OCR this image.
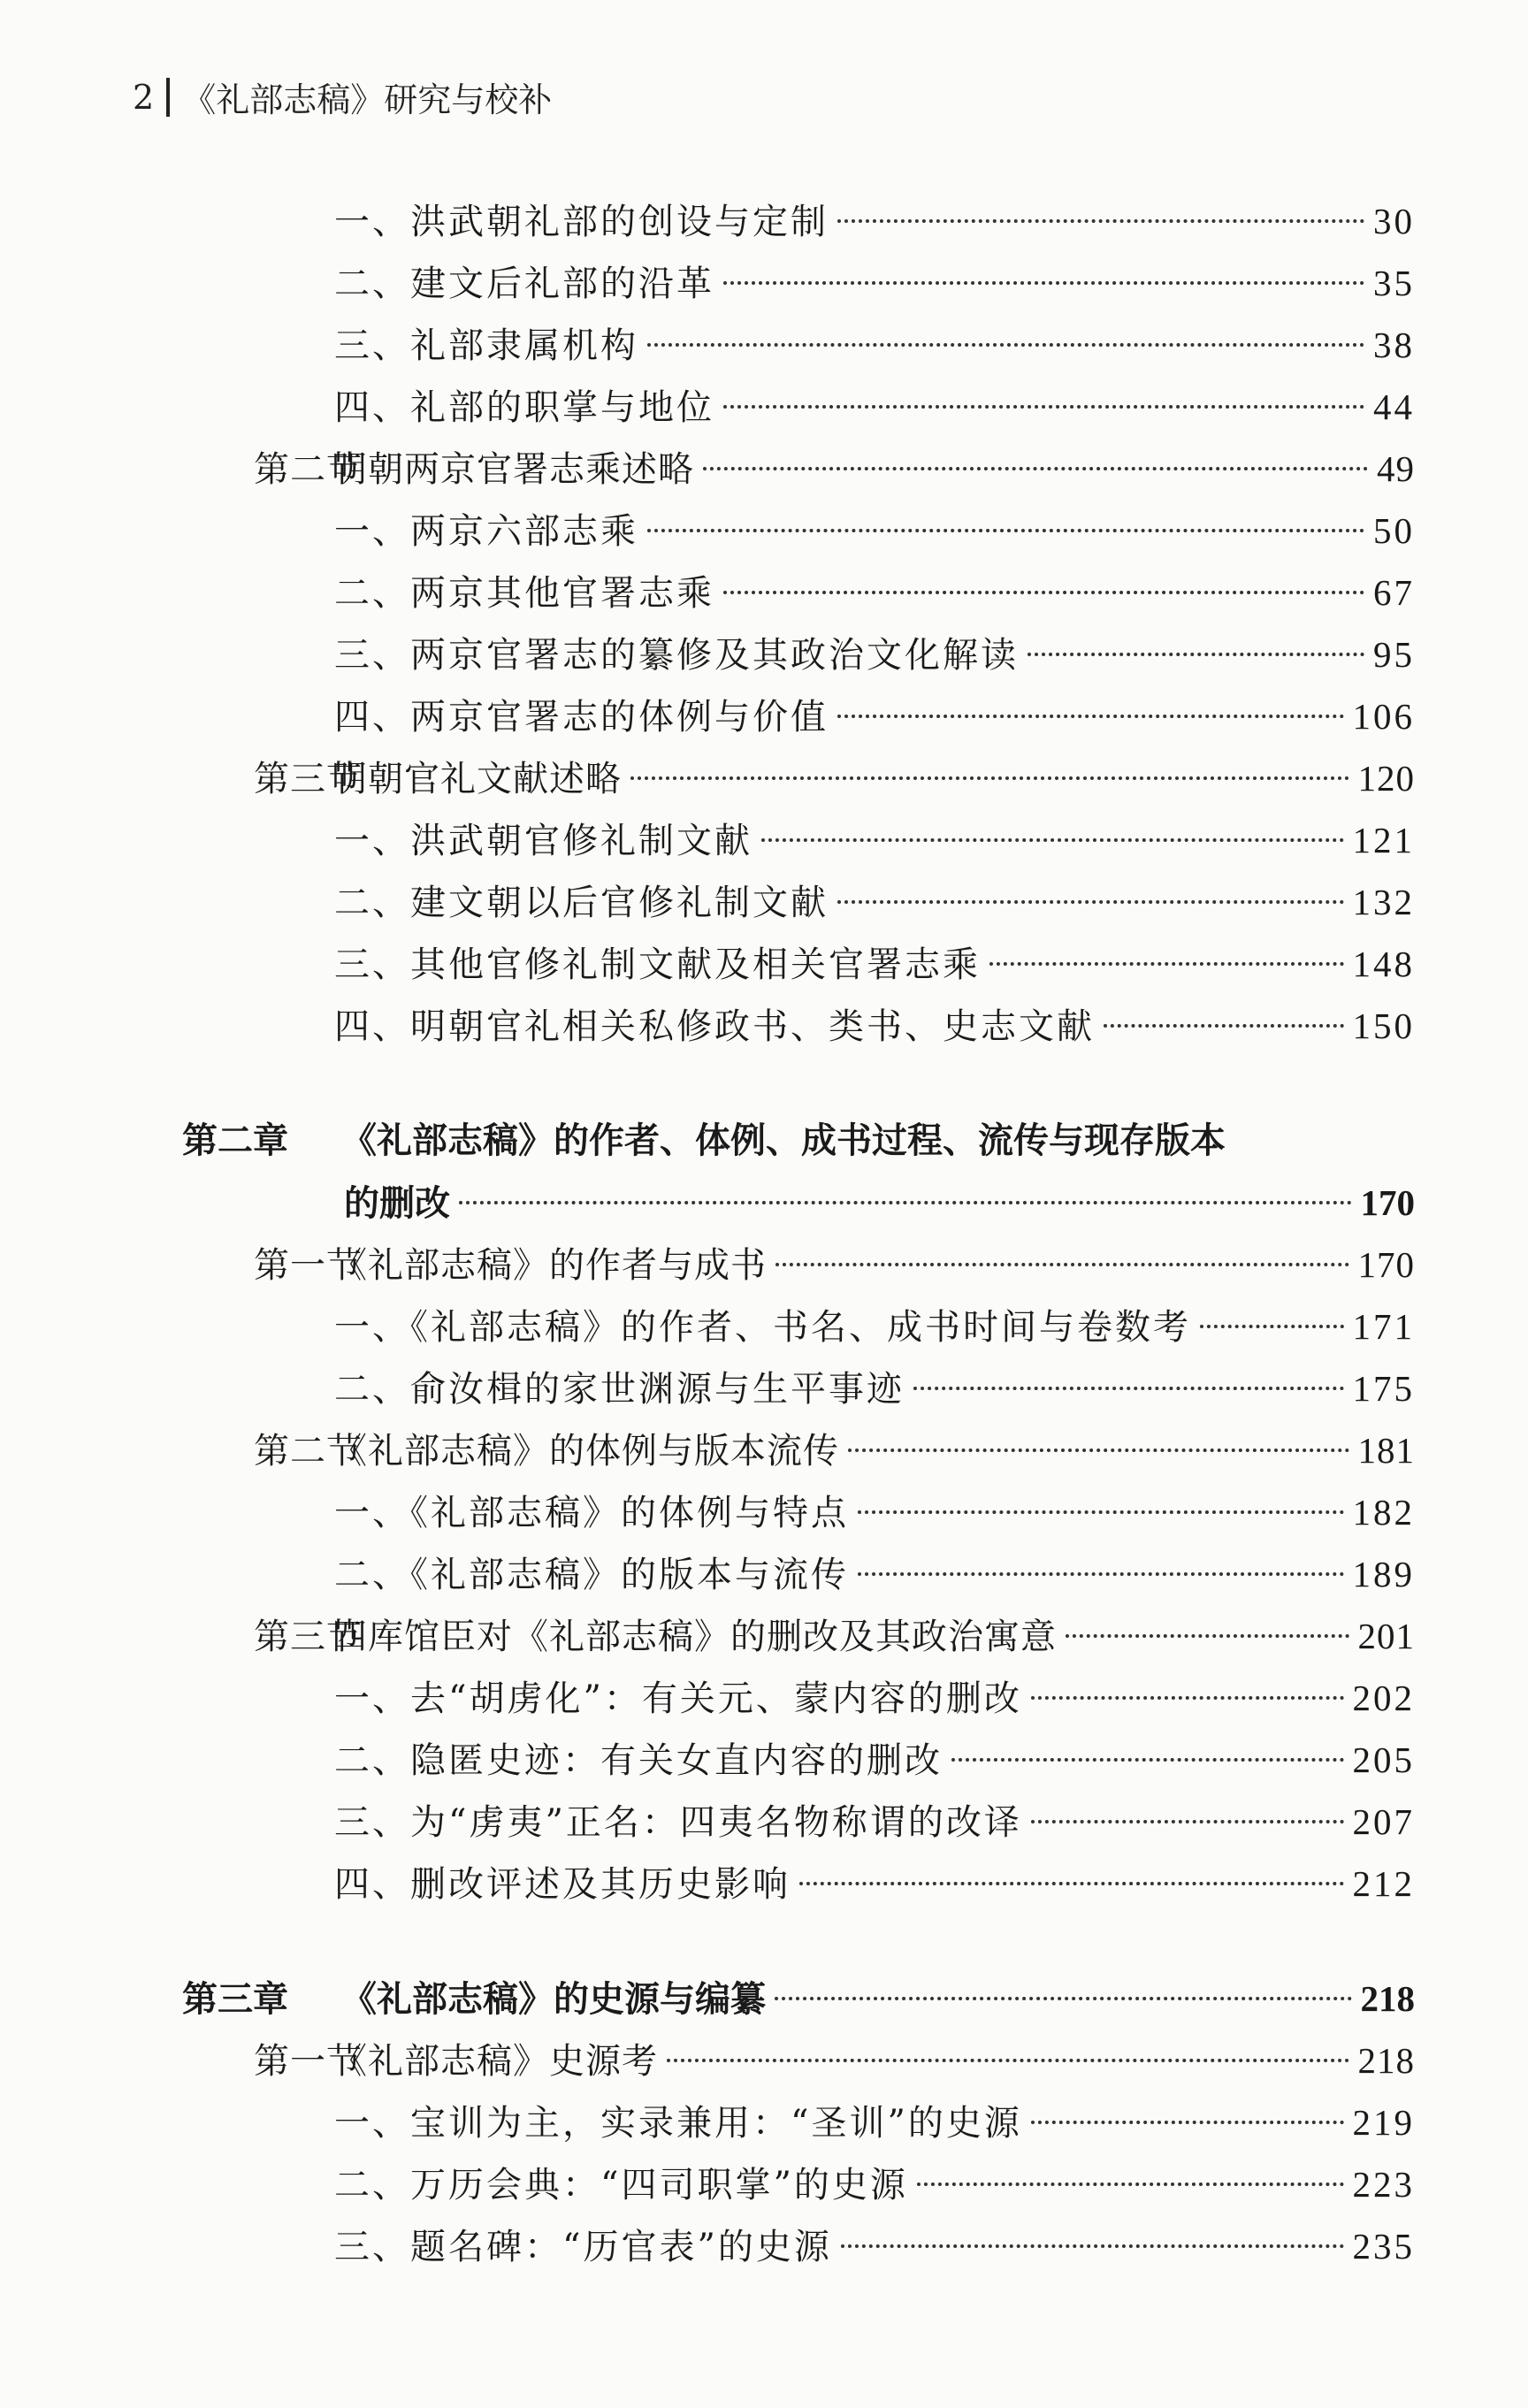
2 《礼部志稿》研究与校补
一、洪武朝礼部的创设与定制	30
二、建文后礼部的沿革	35
三、礼部隶属机构	38
四、礼部的职掌与地位	44
第二节明朝两京官署志乘述略	49
一、两京六部志乘	50
二、两京其他官署志乘	67
三、两京官署志的纂修及其政治文化解读	95
四、两京官署志的体例与价值	106
第三节明朝官礼文献述略	120
一、洪武朝官修礼制文献	121
二、建文朝以后官修礼制文献	132
三、其他官修礼制文献及相关官署志乘	148
四、明朝官礼相关私修政书、类书、史志文献	150
第二章 《礼部志稿》的作者、体例、成书过程、流传与现存版本
的删改	170
第一节《礼部志稿》的作者与成书	170
一、《礼部志稿》的作者、书名、成书时间与卷数考	171
二、俞汝楫的家世渊源与生平事迹	175
第二节《礼部志稿》的体例与版本流传	181
一、《礼部志稿》的体例与特点	182
二、《礼部志稿》的版本与流传	189
第三节四库馆臣对《礼部志稿》的删改及其政治寓意	201
一、去“胡虏化”：有关元、蒙内容的删改	202
二、隐匿史迹：有关女直内容的删改	205
三、为“虏夷”正名：四夷名物称谓的改译	207
四、删改评述及其历史影响	212
第三章 《礼部志稿》的史源与编纂	218
第一节《礼部志稿》史源考	218
一、宝训为主，实录兼用：“圣训”的史源	219
二、万历会典：“四司职掌”的史源	223
三、题名碑：“历官表”的史源	235
